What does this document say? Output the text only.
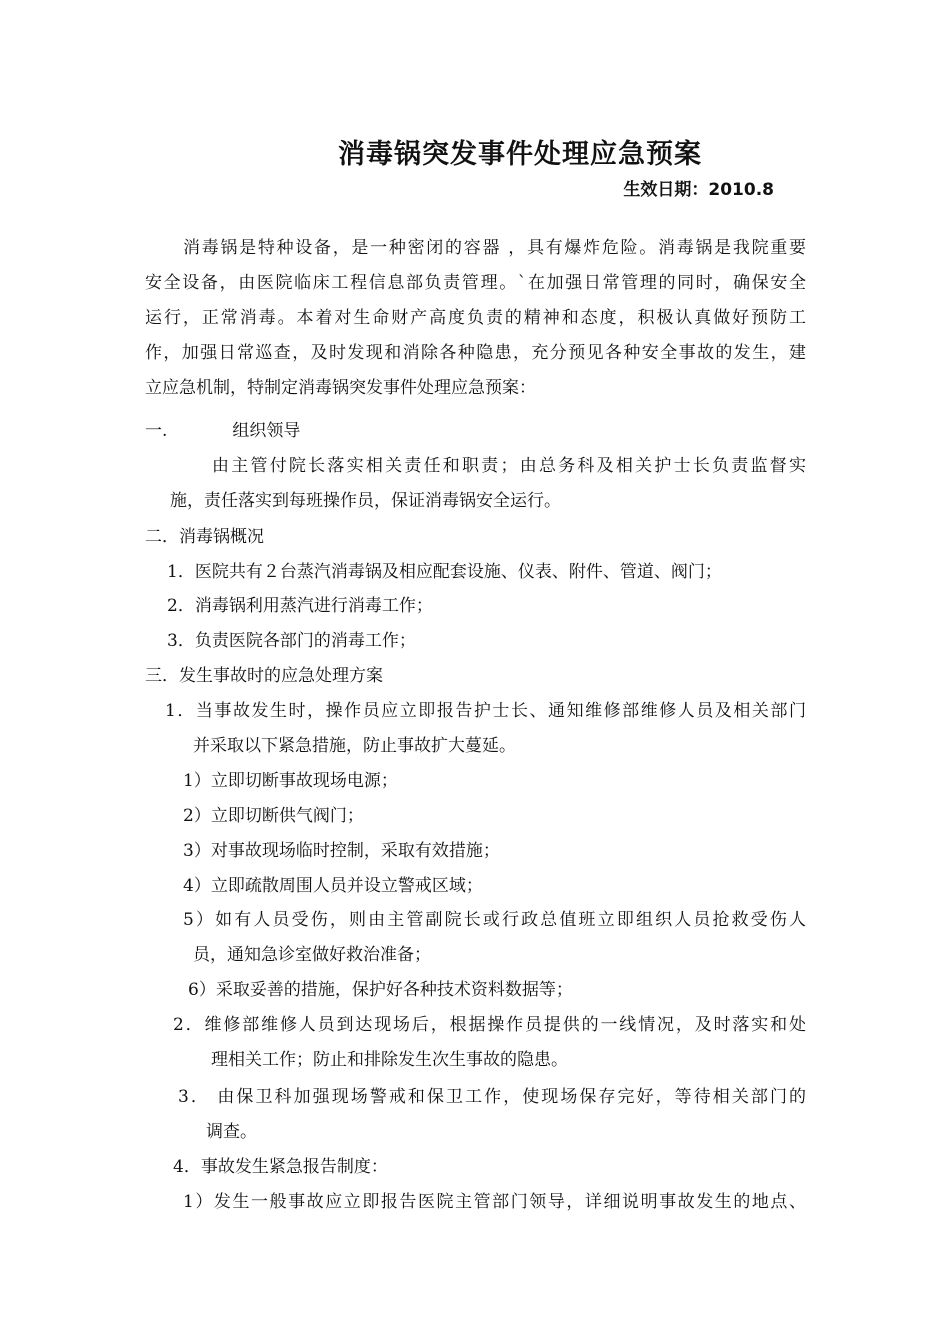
消毒锅突发事件处理应急预案
生效日期：2010.8
消毒锅是特种设备，是一种密闭的容器 ，具有爆炸危险。消毒锅是我院重要
安全设备，由医院临床工程信息部负责管理。`在加强日常管理的同时，确保安全
运行，正常消毒。本着对生命财产高度负责的精神和态度，积极认真做好预防工
作，加强日常巡查，及时发现和消除各种隐患，充分预见各种安全事故的发生，建
立应急机制，特制定消毒锅突发事件处理应急预案：
一.	组织领导
由主管付院长落实相关责任和职责；由总务科及相关护士长负责监督实
施，责任落实到每班操作员，保证消毒锅安全运行。
二．消毒锅概况
1．医院共有２台蒸汽消毒锅及相应配套设施、仪表、附件、管道、阀门；
2．消毒锅利用蒸汽进行消毒工作；
3．负责医院各部门的消毒工作；
三．发生事故时的应急处理方案
1．当事故发生时，操作员应立即报告护士长、通知维修部维修人员及相关部门
并采取以下紧急措施，防止事故扩大蔓延。
1）立即切断事故现场电源；
2）立即切断供气阀门；
3）对事故现场临时控制，采取有效措施；
4）立即疏散周围人员并设立警戒区域；
5）如有人员受伤，则由主管副院长或行政总值班立即组织人员抢救受伤人
员，通知急诊室做好救治准备；
6）采取妥善的措施，保护好各种技术资料数据等；
2．维修部维修人员到达现场后，根据操作员提供的一线情况，及时落实和处
理相关工作；防止和排除发生次生事故的隐患。
3． 由保卫科加强现场警戒和保卫工作，使现场保存完好，等待相关部门的
调查。
4．事故发生紧急报告制度：
1）发生一般事故应立即报告医院主管部门领导，详细说明事故发生的地点、
